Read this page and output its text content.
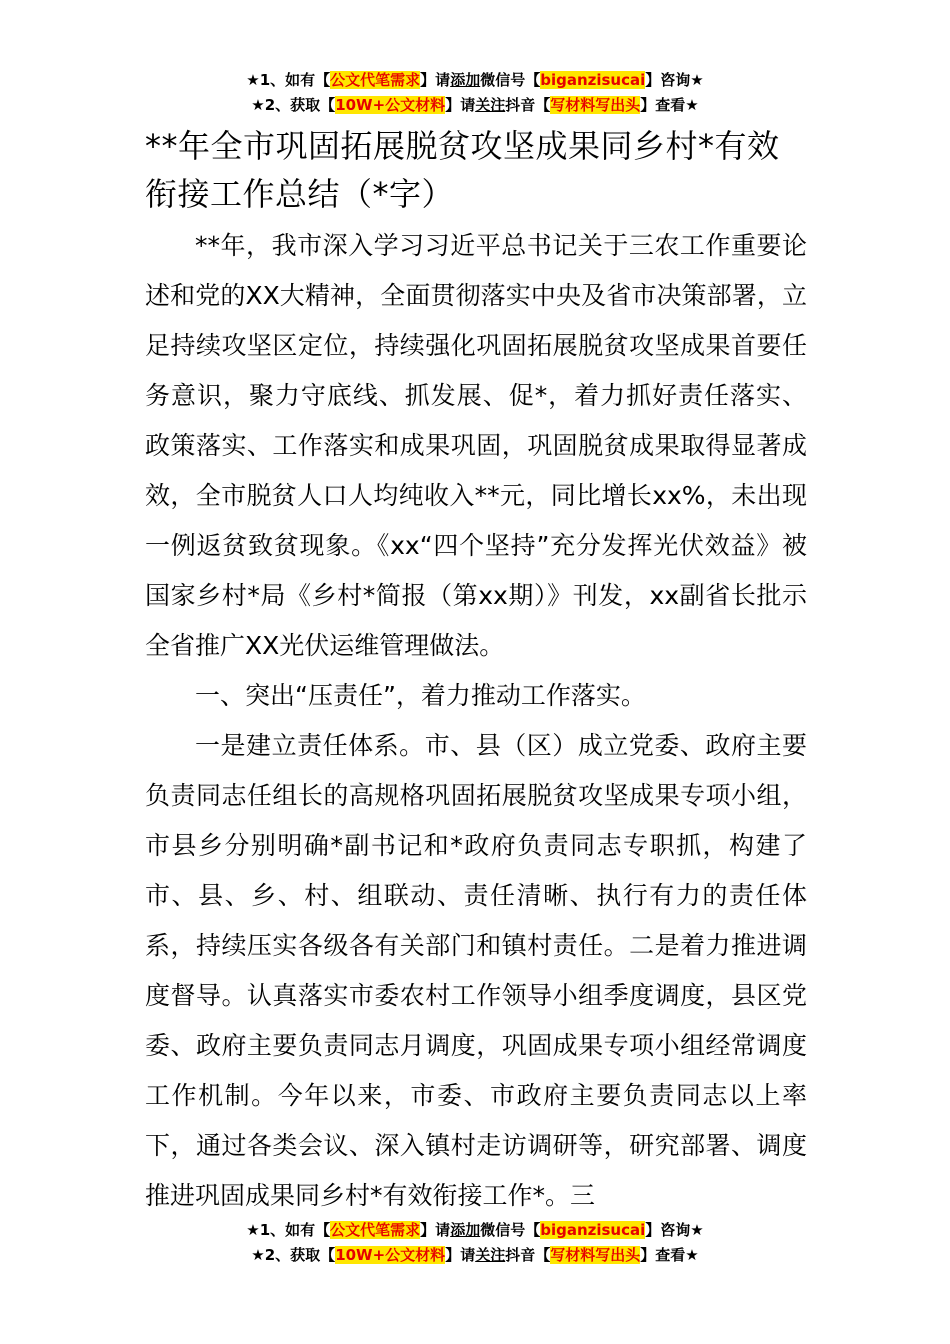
★1、如有【公文代笔需求】请添加微信号【biganzisucai】咨询★
★2、获取【10W+公文材料】请关注抖音【写材料写出头】查看★
**年全市巩固拓展脱贫攻坚成果同乡村*有效衔接工作总结（*字）

**年，我市深入学习习近平总书记关于三农工作重要论述和党的XX大精神，全面贯彻落实中央及省市决策部署，立足持续攻坚区定位，持续强化巩固拓展脱贫攻坚成果首要任务意识，聚力守底线、抓发展、促*，着力抓好责任落实、政策落实、工作落实和成果巩固，巩固脱贫成果取得显著成效，全市脱贫人口人均纯收入**元，同比增长xx%，未出现一例返贫致贫现象。《xx“四个坚持”充分发挥光伏效益》被国家乡村*局《乡村*简报（第xx期）》刊发，xx副省长批示全省推广XX光伏运维管理做法。

一、突出“压责任”，着力推动工作落实。

一是建立责任体系。市、县（区）成立党委、政府主要负责同志任组长的高规格巩固拓展脱贫攻坚成果专项小组，市县乡分别明确*副书记和*政府负责同志专职抓，构建了市、县、乡、村、组联动、责任清晰、执行有力的责任体系，持续压实各级各有关部门和镇村责任。二是着力推进调度督导。认真落实市委农村工作领导小组季度调度，县区党委、政府主要负责同志月调度，巩固成果专项小组经常调度工作机制。今年以来，市委、市政府主要负责同志以上率下，通过各类会议、深入镇村走访调研等，研究部署、调度推进巩固成果同乡村*有效衔接工作*。三

★1、如有【公文代笔需求】请添加微信号【biganzisucai】咨询★
★2、获取【10W+公文材料】请关注抖音【写材料写出头】查看★
